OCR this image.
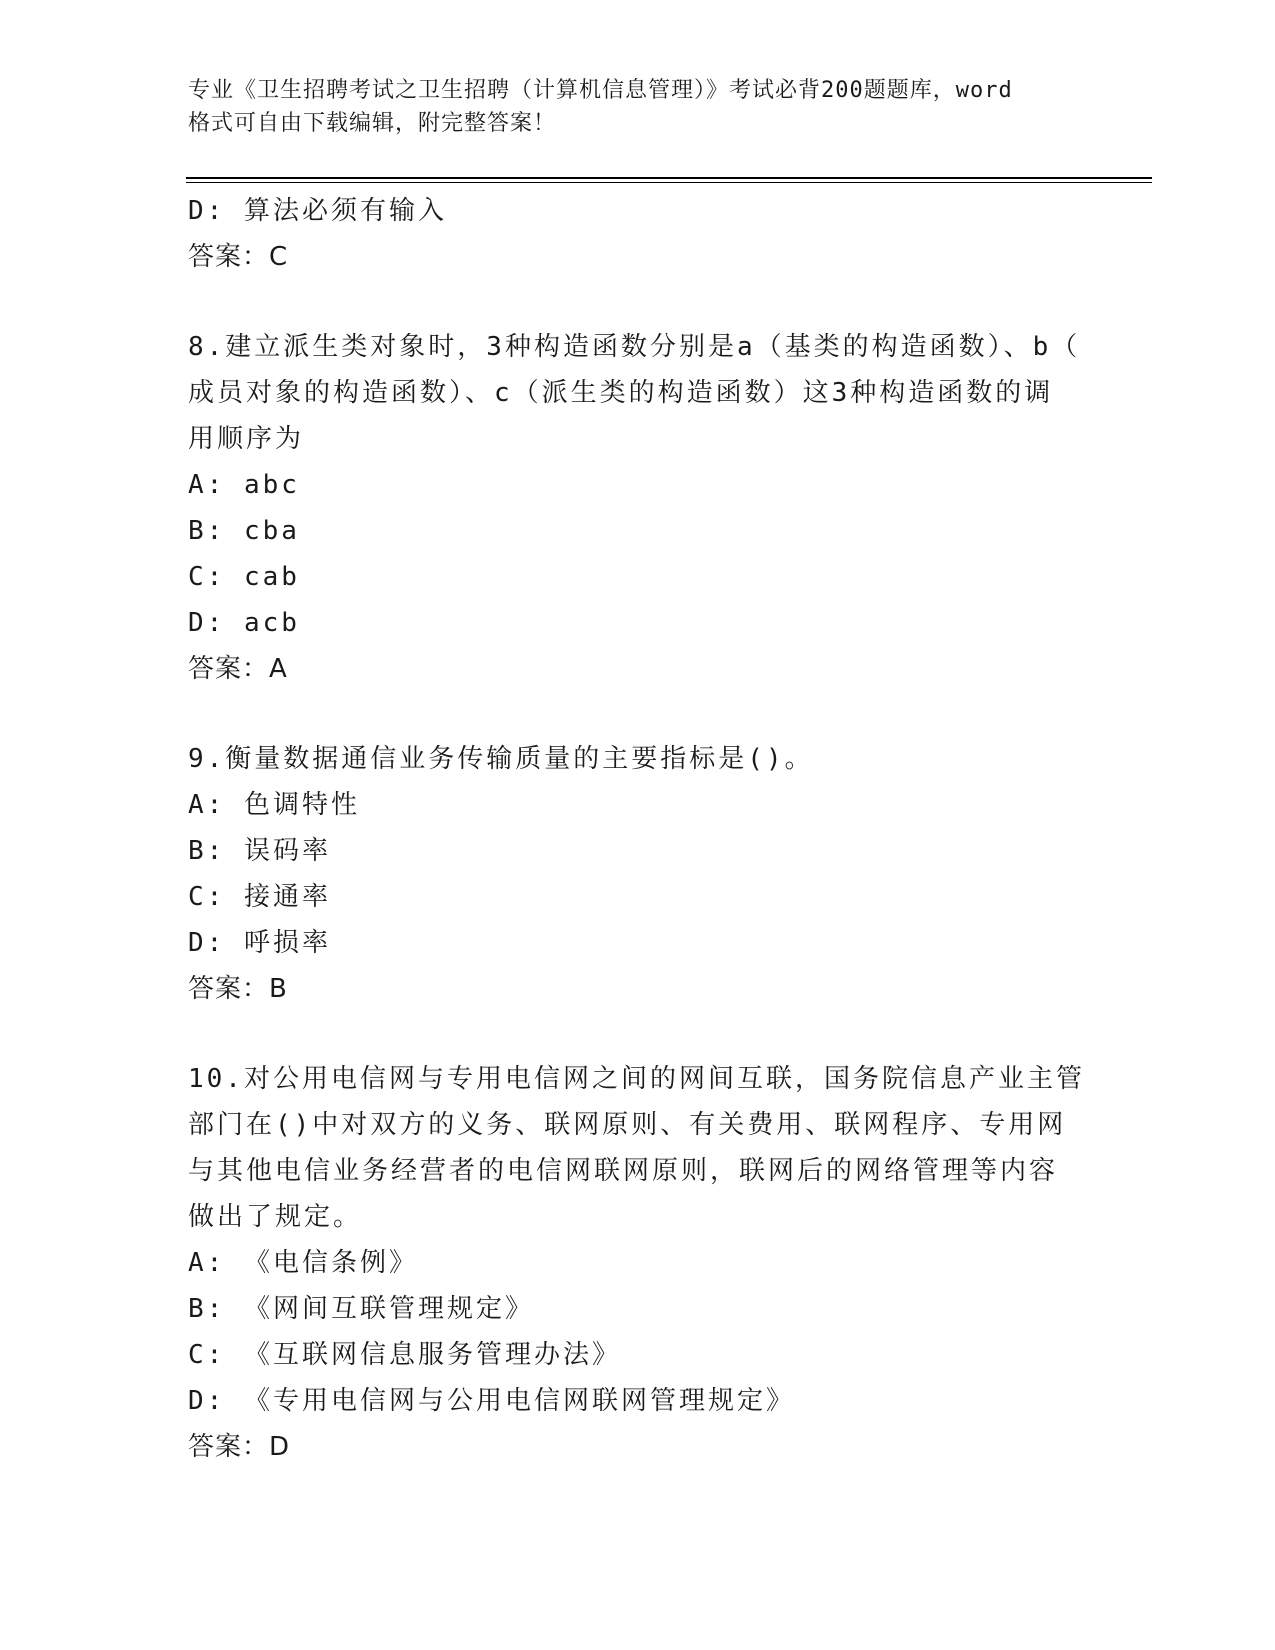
专业《卫生招聘考试之卫生招聘（计算机信息管理）》考试必背200题题库，word
格式可自由下载编辑，附完整答案！
D: 算法必须有输入
答案：C
8.建立派生类对象时，3种构造函数分别是a（基类的构造函数）、b（
成员对象的构造函数）、c（派生类的构造函数）这3种构造函数的调
用顺序为
A: abc
B: cba
C: cab
D: acb
答案：A
9.衡量数据通信业务传输质量的主要指标是()。
A: 色调特性
B: 误码率
C: 接通率
D: 呼损率
答案：B
10.对公用电信网与专用电信网之间的网间互联，国务院信息产业主管
部门在()中对双方的义务、联网原则、有关费用、联网程序、专用网
与其他电信业务经营者的电信网联网原则，联网后的网络管理等内容
做出了规定。
A: 《电信条例》
B: 《网间互联管理规定》
C: 《互联网信息服务管理办法》
D: 《专用电信网与公用电信网联网管理规定》
答案：D
